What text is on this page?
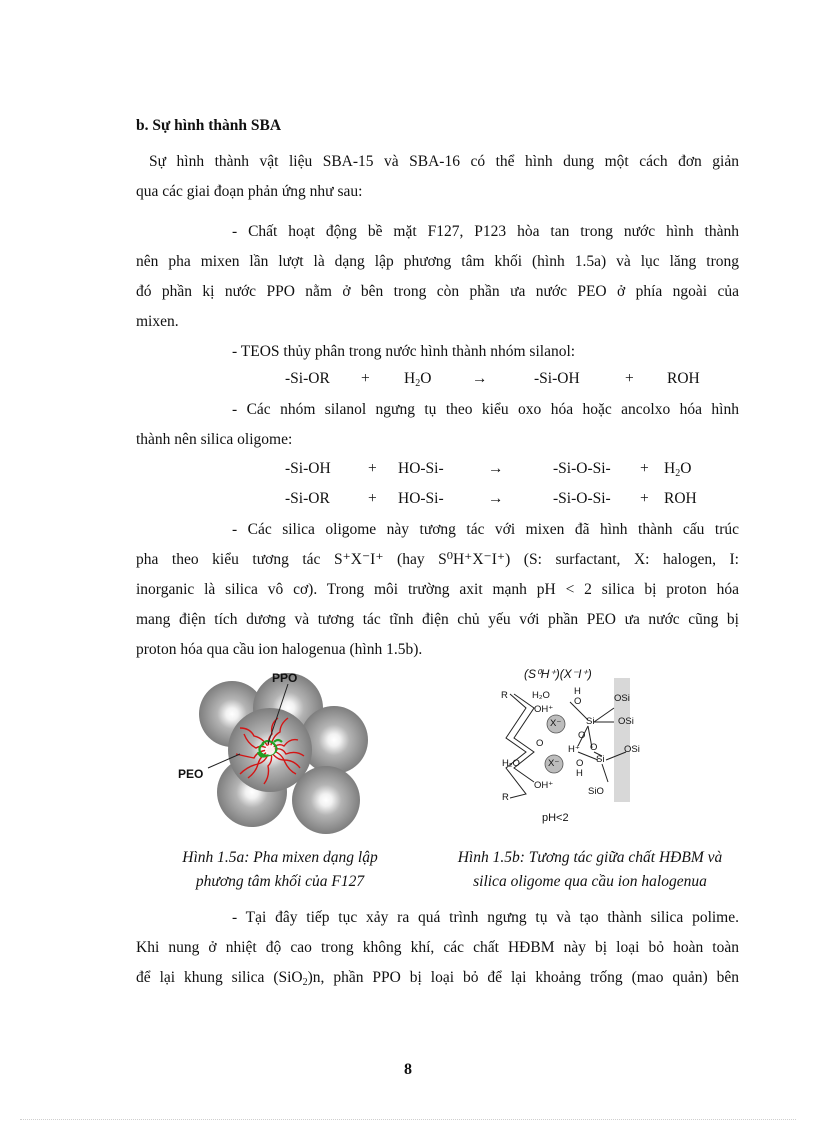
b. Sự hình thành SBA
Sự hình thành vật liệu SBA-15 và SBA-16 có thể hình dung một cách đơn giản
qua các giai đoạn phản ứng như sau:
- Chất hoạt động bề mặt F127, P123 hòa tan trong nước hình thành
nên pha mixen lần lượt là dạng lập phương tâm khối (hình 1.5a) và lục lăng trong
đó phần kị nước PPO nằm ở bên trong còn phần ưa nước PEO ở phía ngoài của
mixen.
- TEOS thủy phân trong nước hình thành nhóm silanol:
$-Si-OR + H_2O$	→	-Si-OH	+ ROH
- Các nhóm silanol ngưng tụ theo kiểu oxo hóa hoặc ancolxo hóa hình
thành nên silica oligome:
-Si-OH + HO-Si-	→	$-Si-O-Si- + H_2O$
-Si-OR + HO-Si-	→	-Si-O-Si- + ROH
- Các silica oligome này tương tác với mixen đã hình thành cấu trúc
pha theo kiểu tương tác S⁺X⁻I⁺ (hay S⁰H⁺X⁻I⁺) (S: surfactant, X: halogen, I:
inorganic là silica vô cơ). Trong môi trường axit mạnh pH < 2 silica bị proton hóa
mang điện tích dương và tương tác tĩnh điện chủ yếu với phần PEO ưa nước cũng bị
proton hóa qua cầu ion halogenua (hình 1.5b).
PPO
PEO
(S⁰H⁺)(X⁻I⁺)
R	H₂O	H
O	OSi
OH⁺
OSi
Si
X⁻
O
O
H⁺ O
Si
OSi
H₂O	X⁻ O
H
OH⁺
R
SiO
pH<2
Hình 1.5a: Pha mixen dạng lập
phương tâm khối của F127
Hình 1.5b: Tương tác giữa chất HĐBM và
silica oligome qua cầu ion halogenua
- Tại đây tiếp tục xảy ra quá trình ngưng tụ và tạo thành silica polime.
Khi nung ở nhiệt độ cao trong không khí, các chất HĐBM này bị loại bỏ hoàn toàn
để lại khung silica (SiO$_2$)n, phần PPO bị loại bỏ để lại khoảng trống (mao quản) bên
8
